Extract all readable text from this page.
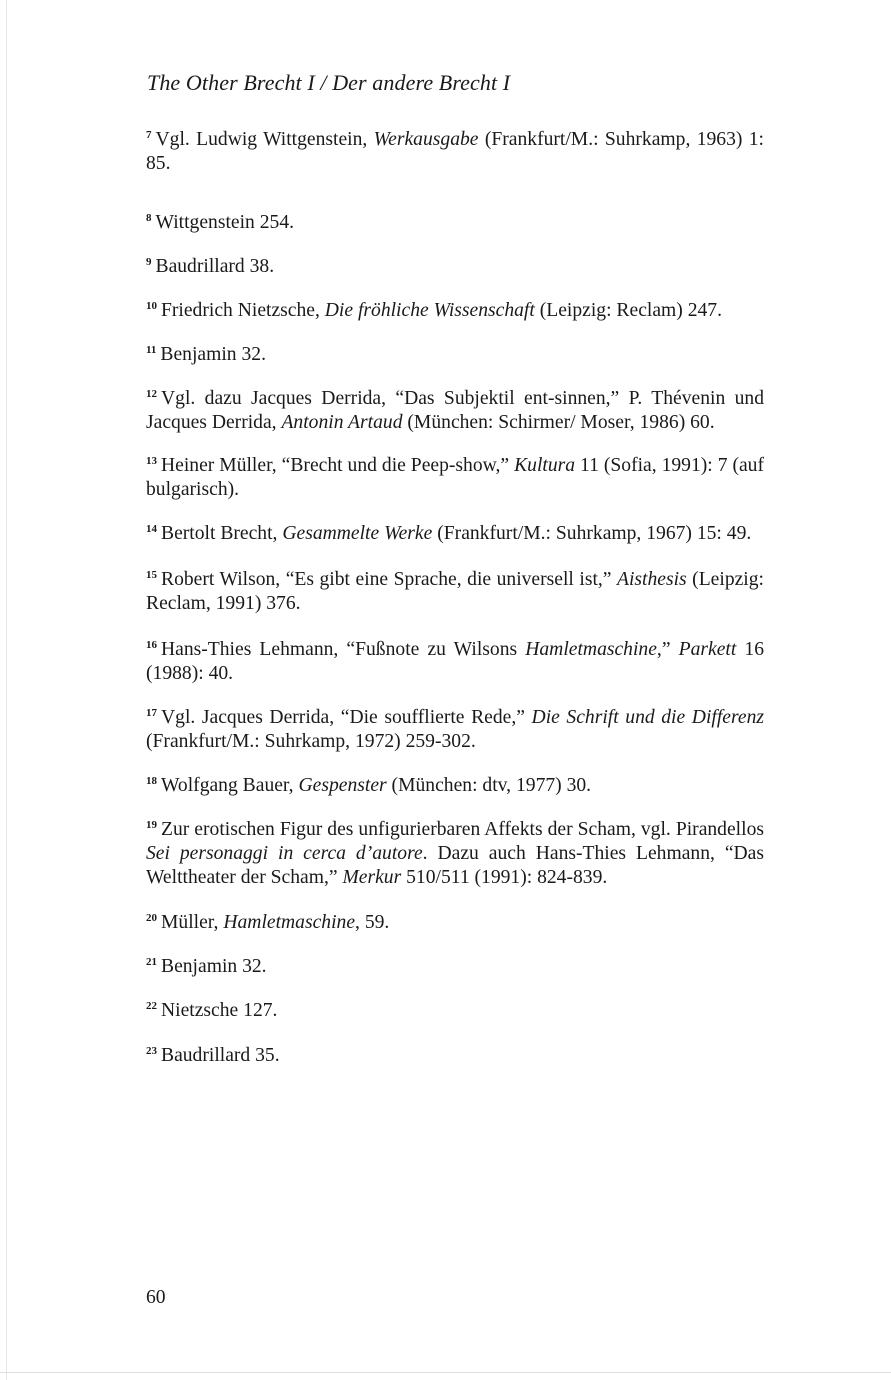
The Other Brecht I / Der andere Brecht I

$^7$ Vgl. Ludwig Wittgenstein, Werkausgabe (Frankfurt/M.: Suhrkamp, 1963) 1: 85.

$^8$ Wittgenstein 254.

$^9$ Baudrillard 38.

$^{10}$ Friedrich Nietzsche, Die fröhliche Wissenschaft (Leipzig: Reclam) 247.

$^{11}$ Benjamin 32.

$^{12}$ Vgl. dazu Jacques Derrida, “Das Subjektil ent-sinnen,” P. Thévenin und Jacques Derrida, Antonin Artaud (München: Schirmer/ Moser, 1986) 60.

$^{13}$ Heiner Müller, “Brecht und die Peep-show,” Kultura 11 (Sofia, 1991): 7 (auf bulgarisch).

$^{14}$ Bertolt Brecht, Gesammelte Werke (Frankfurt/M.: Suhrkamp, 1967) 15: 49.

$^{15}$ Robert Wilson, “Es gibt eine Sprache, die universell ist,” Aisthesis (Leipzig: Reclam, 1991) 376.

$^{16}$ Hans-Thies Lehmann, “Fußnote zu Wilsons Hamletmaschine,” Parkett 16 (1988): 40.

$^{17}$ Vgl. Jacques Derrida, “Die soufflierte Rede,” Die Schrift und die Differenz (Frankfurt/M.: Suhrkamp, 1972) 259-302.

$^{18}$ Wolfgang Bauer, Gespenster (München: dtv, 1977) 30.

$^{19}$ Zur erotischen Figur des unfigurierbaren Affekts der Scham, vgl. Pirandellos Sei personaggi in cerca d’autore. Dazu auch Hans-Thies Lehmann, “Das Welttheater der Scham,” Merkur 510/511 (1991): 824-839.

$^{20}$ Müller, Hamletmaschine, 59.

$^{21}$ Benjamin 32.

$^{22}$ Nietzsche 127.

$^{23}$ Baudrillard 35.

60
